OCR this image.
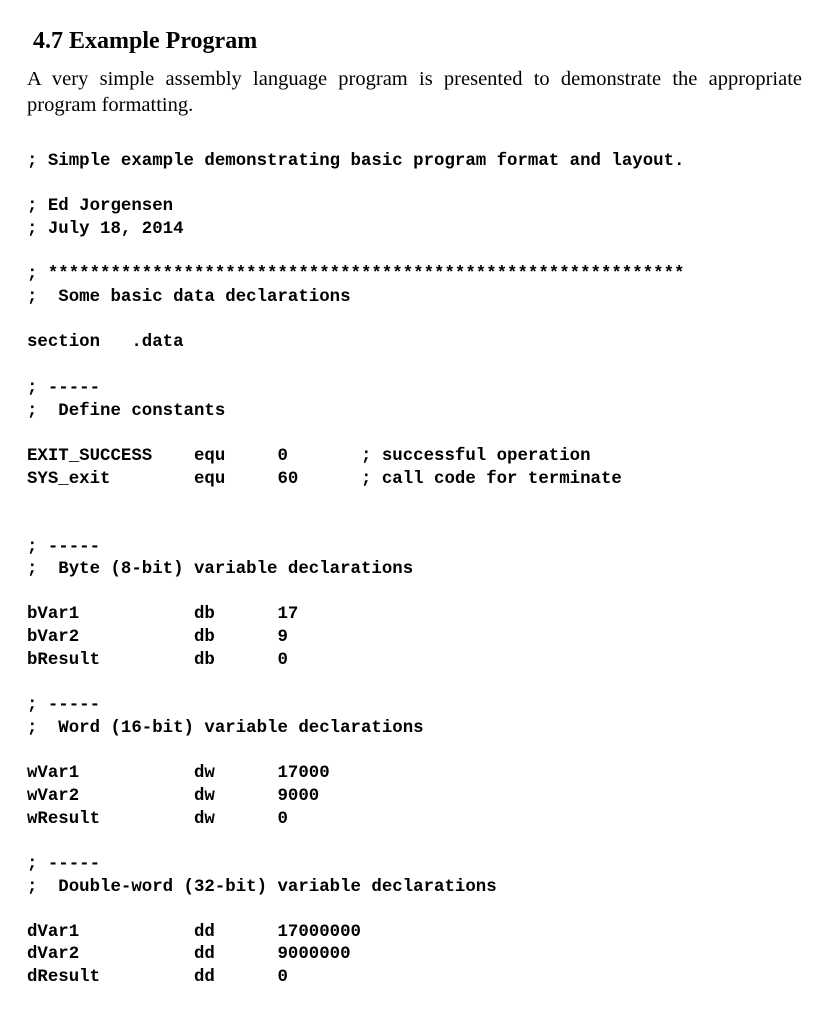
4.7 Example Program

A very simple assembly language program is presented to demonstrate the appropriate program formatting.

; Simple example demonstrating basic program format and layout.
; Ed Jorgensen
; July 18, 2014
; *************************************************************
;  Some basic data declarations
section   .data
; -----
;  Define constants
EXIT_SUCCESS    equ     0       ; successful operation
SYS_exit        equ     60      ; call code for terminate
; -----
;  Byte (8-bit) variable declarations
bVar1           db      17
bVar2           db      9
bResult         db      0
; -----
;  Word (16-bit) variable declarations
wVar1           dw      17000
wVar2           dw      9000
wResult         dw      0
; -----
;  Double-word (32-bit) variable declarations
dVar1           dd      17000000
dVar2           dd      9000000
dResult         dd      0
